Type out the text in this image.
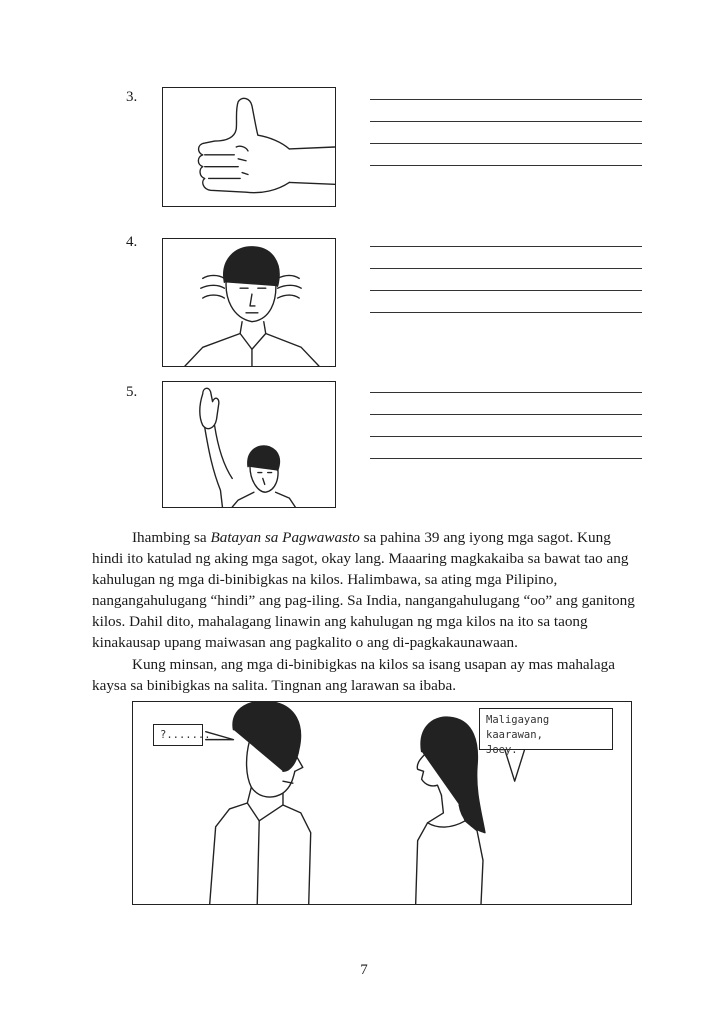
3.
4.
5.

Ihambing sa Batayan sa Pagwawasto sa pahina 39 ang iyong mga sagot. Kung hindi ito katulad ng aking mga sagot, okay lang. Maaaring magkakaiba sa bawat tao ang kahulugan ng mga di-binibigkas na kilos. Halimbawa, sa ating mga Pilipino, nangangahulugang “hindi” ang pag-iling. Sa India, nangangahulugang “oo” ang ganitong kilos. Dahil dito, mahalagang linawin ang kahulugan ng mga kilos na ito sa taong kinakausap upang maiwasan ang pagkalito o ang di-pagkakaunawaan.

Kung minsan, ang mga di-binibigkas na kilos sa isang usapan ay mas mahalaga kaysa sa binibigkas na salita. Tingnan ang larawan sa ibaba.

?.......
Maligayang kaarawan,
Joey.
7
